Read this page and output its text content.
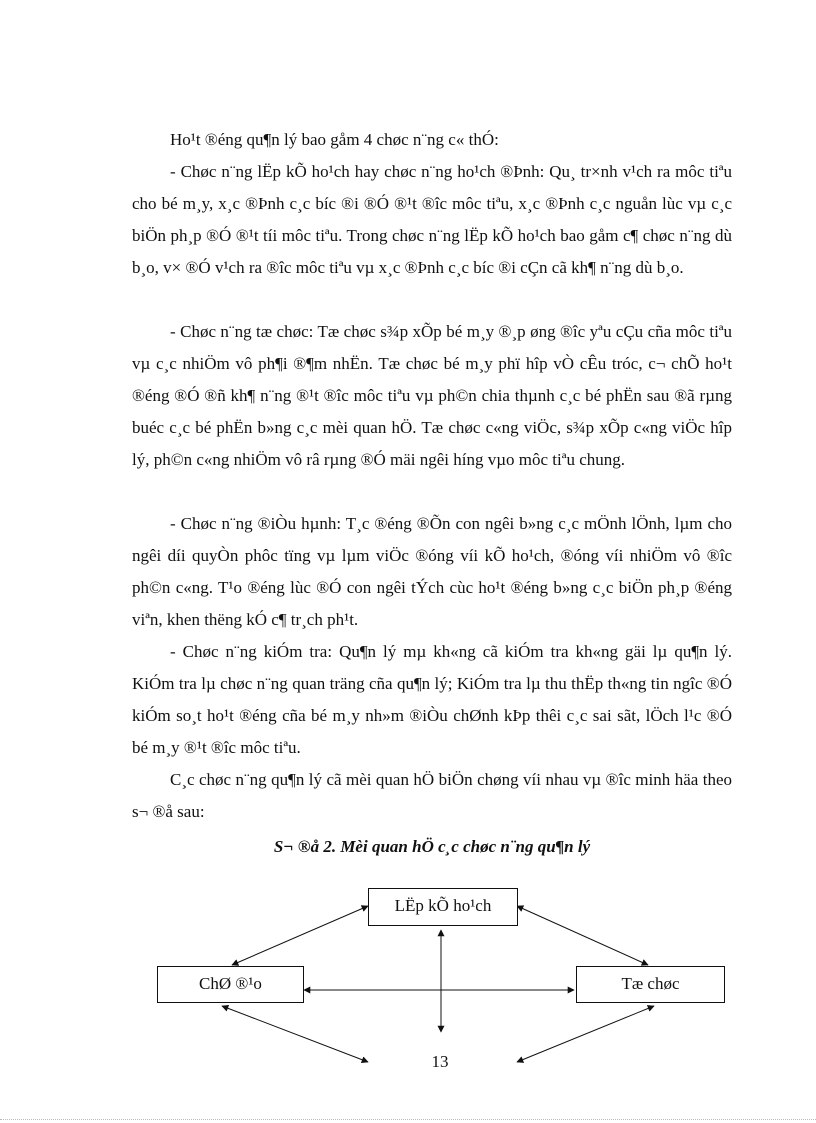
Ho¹t ®éng qu¶n lý bao gåm 4 chøc n¨ng c« thÓ:

- Chøc n¨ng lËp kÕ ho¹ch hay chøc n¨ng ho¹ch ®Þnh: Qu¸ tr×nh v¹ch ra môc tiªu cho bé m¸y, x¸c ®Þnh c¸c bíc ®i ®Ó ®¹t ®îc môc tiªu, x¸c ®Þnh c¸c nguån lùc vµ c¸c biÖn ph¸p ®Ó ®¹t tíi môc tiªu. Trong chøc n¨ng lËp kÕ ho¹ch bao gåm c¶ chøc n¨ng dù b¸o, v× ®Ó v¹ch ra ®îc môc tiªu vµ x¸c ®Þnh c¸c bíc ®i cÇn cã kh¶ n¨ng dù b¸o.

- Chøc n¨ng tæ chøc: Tæ chøc s¾p xÕp bé m¸y ®¸p øng ®îc yªu cÇu cña môc tiªu vµ c¸c nhiÖm vô ph¶i ®¶m nhËn. Tæ chøc bé m¸y phï hîp vÒ cÊu tróc, c¬ chÕ ho¹t ®éng ®Ó ®ñ kh¶ n¨ng ®¹t ®îc môc tiªu vµ ph©n chia thµnh c¸c bé phËn sau ®ã rµng buéc c¸c bé phËn b»ng c¸c mèi quan hÖ. Tæ chøc c«ng viÖc, s¾p xÕp c«ng viÖc hîp lý, ph©n c«ng nhiÖm vô râ rµng ®Ó mäi ngêi híng vµo môc tiªu chung.

- Chøc n¨ng ®iÒu hµnh: T¸c ®éng ®Õn con ngêi b»ng c¸c mÖnh lÖnh, lµm cho ngêi díi quyÒn phôc tïng vµ lµm viÖc ®óng víi kÕ ho¹ch, ®óng víi nhiÖm vô ®îc ph©n c«ng. T¹o ®éng lùc ®Ó con ngêi tÝch cùc ho¹t ®éng b»ng c¸c biÖn ph¸p ®éng viªn, khen thëng kÓ c¶ tr¸ch ph¹t.

- Chøc n¨ng kiÓm tra: Qu¶n lý mµ kh«ng cã kiÓm tra kh«ng gäi lµ qu¶n lý. KiÓm tra lµ chøc n¨ng quan träng cña qu¶n lý; KiÓm tra lµ thu thËp th«ng tin ngîc ®Ó kiÓm so¸t ho¹t ®éng cña bé m¸y nh»m ®iÒu chØnh kÞp thêi c¸c sai sãt, lÖch l¹c ®Ó bé m¸y ®¹t ®îc môc tiªu.

C¸c chøc n¨ng qu¶n lý cã mèi quan hÖ biÖn chøng víi nhau vµ ®îc minh häa theo s¬ ®å sau:

S¬ ®å 2. Mèi quan hÖ c¸c chøc n¨ng qu¶n lý

LËp kÕ ho¹ch
ChØ ®¹o	Tæ chøc
13
